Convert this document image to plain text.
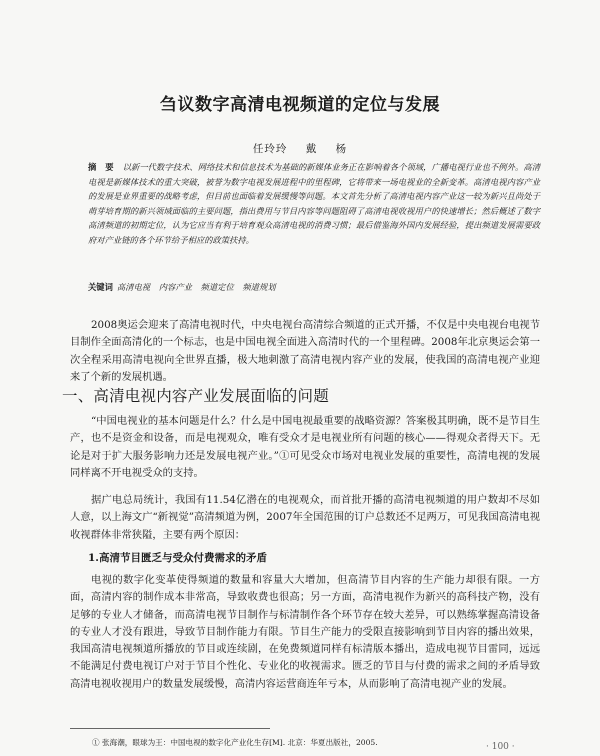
刍议数字高清电视频道的定位与发展
任玲玲 戴 杨
摘 要 以新一代数字技术、网络技术和信息技术为基础的新媒体业务正在影响着各个领域，广播电视行业也不例外。高清电视是新媒体技术的重大突破，被誉为数字电视发展进程中的里程碑，它将带来一场电视业的全新变革。高清电视内容产业的发展是业界重要的战略考虑，但目前也面临着发展缓慢等问题。本文首先分析了高清电视内容产业这一较为新兴且尚处于萌芽培育期的新兴领域面临的主要问题，指出费用与节目内容等问题阻碍了高清电视收视用户的快速增长；然后概述了数字高清频道的初期定位，认为它应当有利于培育观众高清电视的消费习惯；最后借鉴海外国内发展经验，提出频道发展需要政府对产业链的各个环节给予相应的政策扶持。
关键词 高清电视 内容产业 频道定位 频道规划
2008奥运会迎来了高清电视时代，中央电视台高清综合频道的正式开播，不仅是中央电视台电视节目制作全面高清化的一个标志，也是中国电视全面进入高清时代的一个里程碑。2008年北京奥运会第一次全程采用高清电视向全世界直播，极大地刺激了高清电视内容产业的发展，使我国的高清电视产业迎来了个新的发展机遇。
一、高清电视内容产业发展面临的问题
“中国电视业的基本问题是什么？什么是中国电视最重要的战略资源？答案极其明确，既不是节目生产，也不是资金和设备，而是电视观众，唯有受众才是电视业所有问题的核心——得观众者得天下。无论是对于扩大服务影响力还是发展电视产业。”①可见受众市场对电视业发展的重要性，高清电视的发展同样离不开电视受众的支持。
据广电总局统计，我国有11.54亿潜在的电视观众，而首批开播的高清电视频道的用户数却不尽如人意，以上海文广“新视觉”高清频道为例，2007年全国范围的订户总数还不足两万，可见我国高清电视收视群体非常狭隘，主要有两个原因：
1.高清节目匮乏与受众付费需求的矛盾
电视的数字化变革使得频道的数量和容量大大增加，但高清节目内容的生产能力却很有限。一方面，高清内容的制作成本非常高，导致收费也很高；另一方面，高清电视作为新兴的高科技产物，没有足够的专业人才储备，而高清电视节目制作与标清制作各个环节存在较大差异，可以熟练掌握高清设备的专业人才没有跟进，导致节目制作能力有限。节目生产能力的受限直接影响到节目内容的播出效果，我国高清电视频道所播放的节目或连续剧，在免费频道同样有标清版本播出，造成电视节目雷同，远远不能满足付费电视订户对于节目个性化、专业化的收视需求。匮乏的节目与付费的需求之间的矛盾导致高清电视收视用户的数量发展缓慢，高清内容运营商连年亏本，从而影响了高清电视产业的发展。
① 张海潮，眼球为王：中国电视的数字化产业化生存[M]. 北京：华夏出版社，2005.	· 100 ·
